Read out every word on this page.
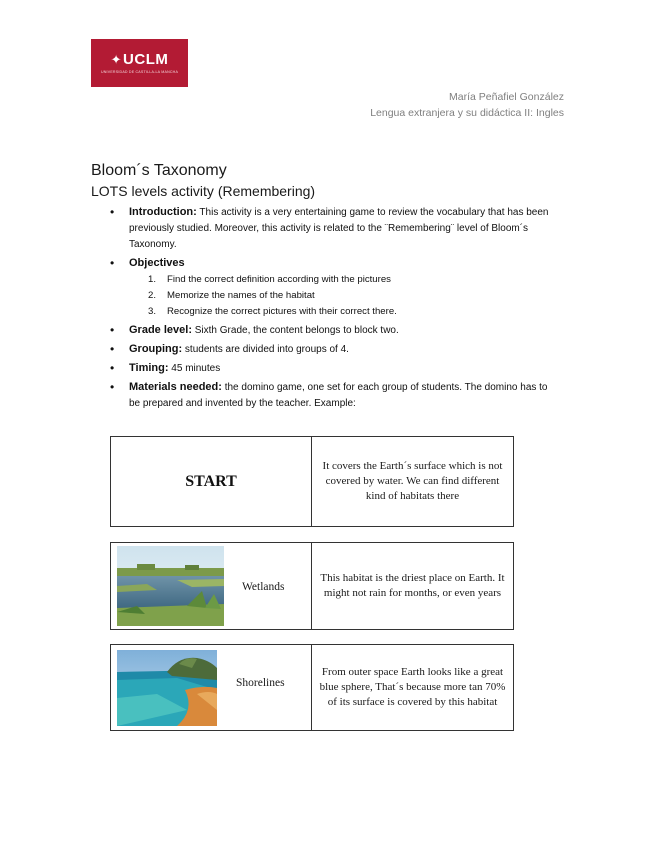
✦UCLM
UNIVERSIDAD DE CASTILLA-LA MANCHA
María Peñafiel González
Lengua extranjera y su didáctica II: Ingles
Bloom´s Taxonomy
LOTS levels activity (Remembering)
• Introduction: This activity is a very entertaining game to review the vocabulary that has been previously studied. Moreover, this activity is related to the ¨Remembering¨ level of Bloom´s Taxonomy.
• Objectives
1. Find the correct definition according with the pictures
2. Memorize the names of the habitat
3. Recognize the correct pictures with their correct there.
• Grade level: Sixth Grade, the content belongs to block two.
• Grouping: students are divided into groups of 4.
• Timing: 45 minutes
• Materials needed: the domino game, one set for each group of students. The domino has to be prepared and invented by the teacher. Example:
START
It covers the Earth´s surface which is not covered by water. We can find different kind of habitats there
Wetlands
This habitat is the driest place on Earth. It might not rain for months, or even years
Shorelines
From outer space Earth looks like a great blue sphere, That´s because more tan 70% of its surface is covered by this habitat
